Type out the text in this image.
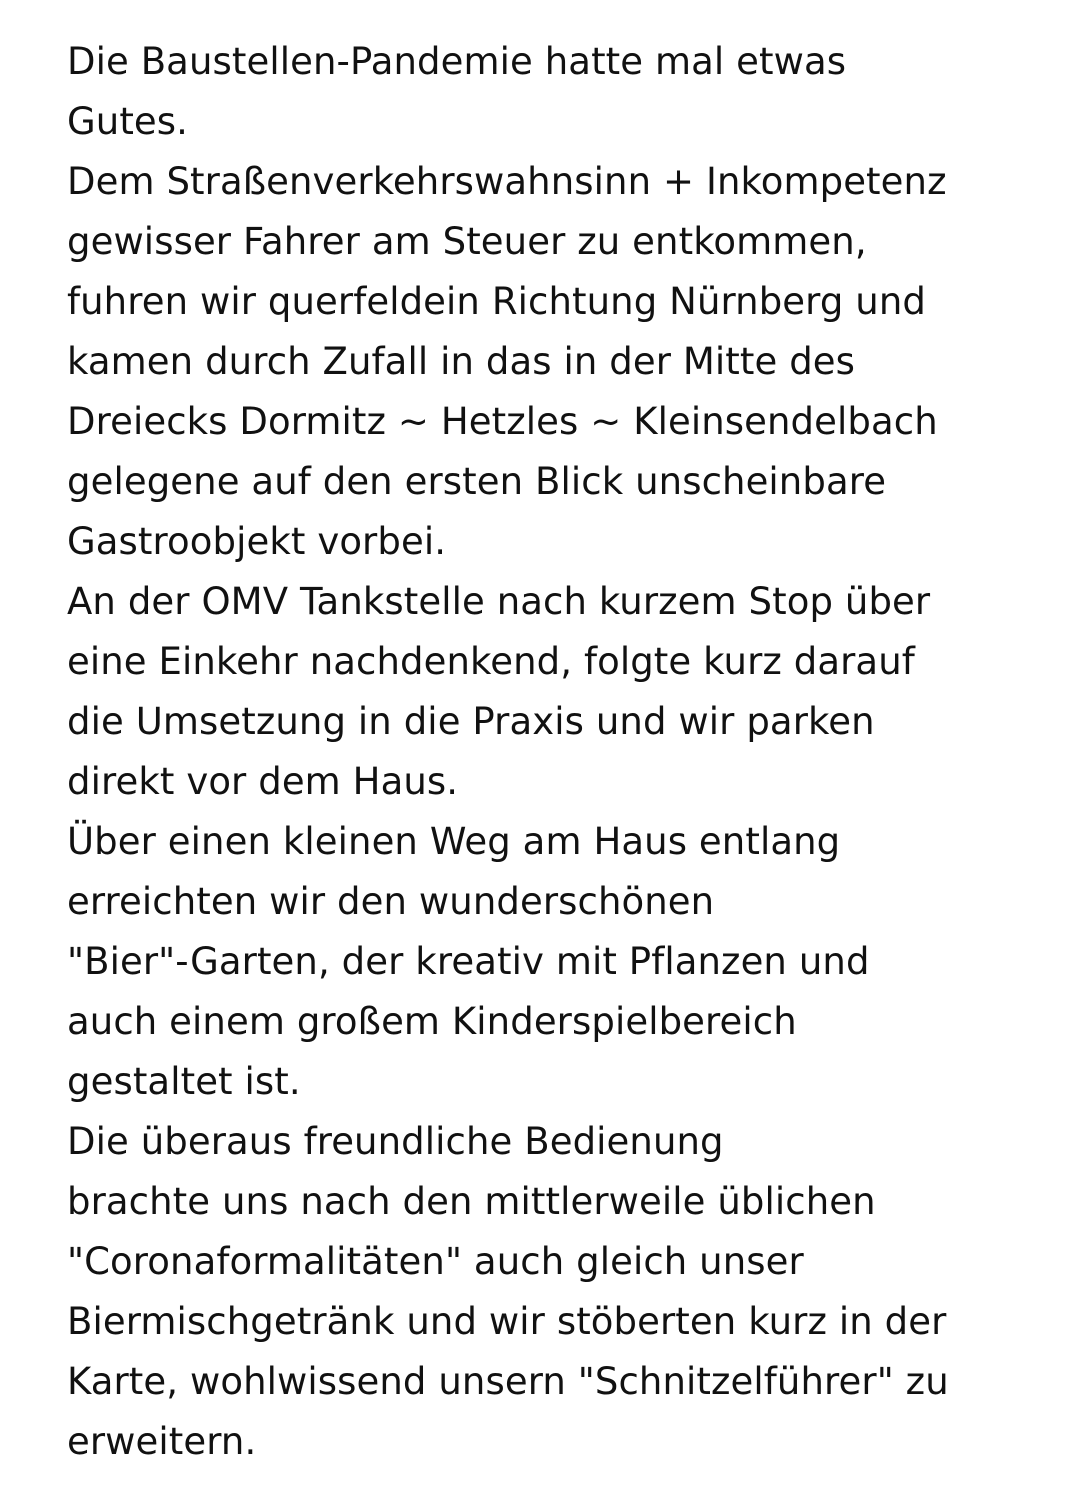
Die Baustellen-Pandemie hatte mal etwas
Gutes.
Dem Straßenverkehrswahnsinn + Inkompetenz
gewisser Fahrer am Steuer zu entkommen,
fuhren wir querfeldein Richtung Nürnberg und
kamen durch Zufall in das in der Mitte des
Dreiecks Dormitz ~ Hetzles ~ Kleinsendelbach
gelegene auf den ersten Blick unscheinbare
Gastroobjekt vorbei.
An der OMV Tankstelle nach kurzem Stop über
eine Einkehr nachdenkend, folgte kurz darauf
die Umsetzung in die Praxis und wir parken
direkt vor dem Haus.
Über einen kleinen Weg am Haus entlang
erreichten wir den wunderschönen
"Bier"-Garten, der kreativ mit Pflanzen und
auch einem großem Kinderspielbereich
gestaltet ist.
Die überaus freundliche Bedienung
brachte uns nach den mittlerweile üblichen
"Coronaformalitäten" auch gleich unser
Biermischgetränk und wir stöberten kurz in der
Karte, wohlwissend unsern "Schnitzelführer" zu
erweitern.
